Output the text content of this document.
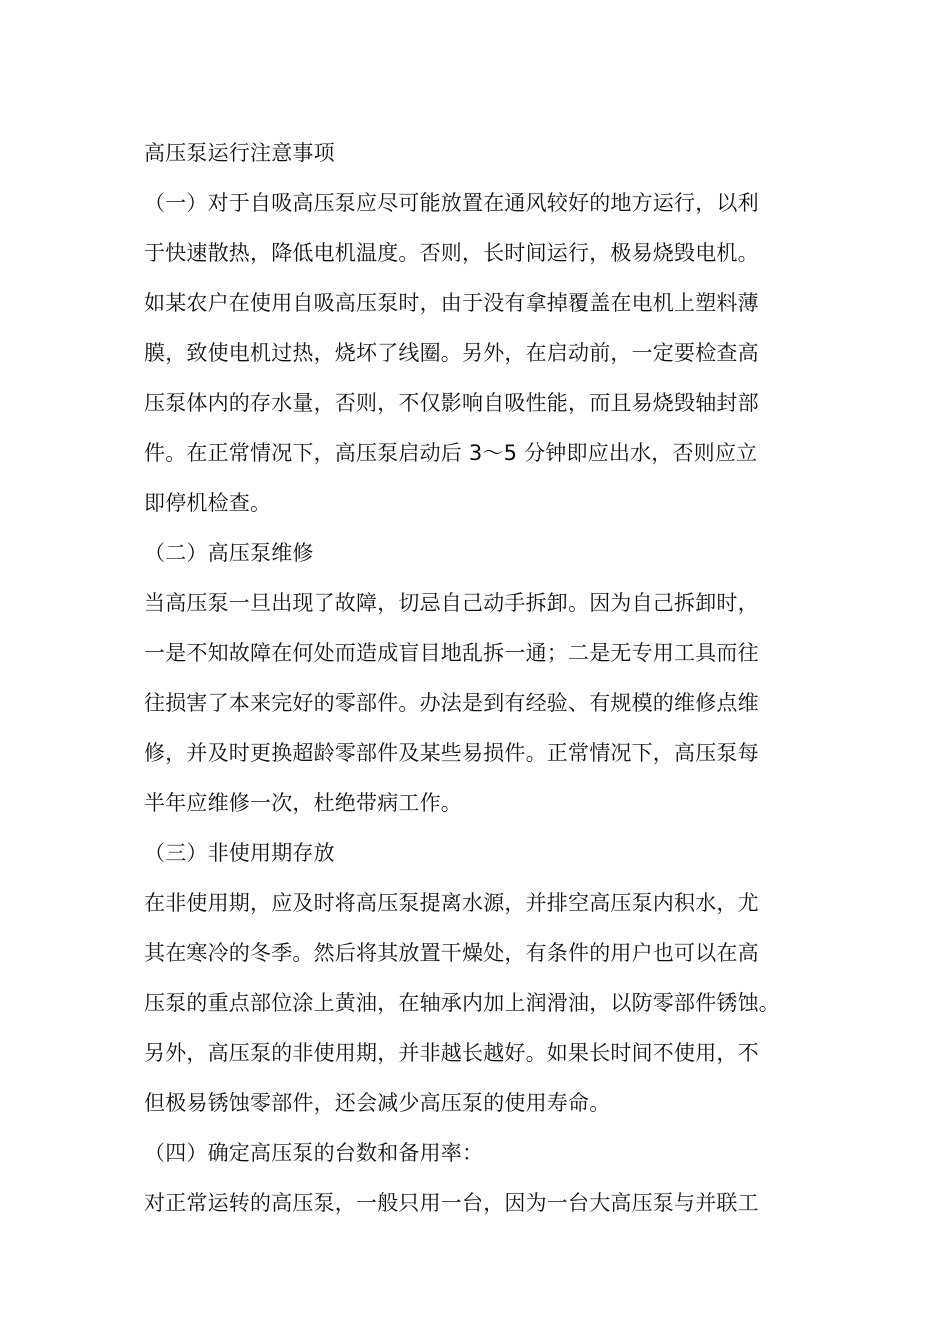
高压泵运行注意事项
（一）对于自吸高压泵应尽可能放置在通风较好的地方运行，以利
于快速散热，降低电机温度。否则，长时间运行，极易烧毁电机。
如某农户在使用自吸高压泵时，由于没有拿掉覆盖在电机上塑料薄
膜，致使电机过热，烧坏了线圈。另外，在启动前，一定要检查高
压泵体内的存水量，否则，不仅影响自吸性能，而且易烧毁轴封部
件。在正常情况下，高压泵启动后 3～5 分钟即应出水，否则应立
即停机检查。
（二）高压泵维修
当高压泵一旦出现了故障，切忌自己动手拆卸。因为自己拆卸时，
一是不知故障在何处而造成盲目地乱拆一通；二是无专用工具而往
往损害了本来完好的零部件。办法是到有经验、有规模的维修点维
修，并及时更换超龄零部件及某些易损件。正常情况下，高压泵每
半年应维修一次，杜绝带病工作。
（三）非使用期存放
在非使用期，应及时将高压泵提离水源，并排空高压泵内积水，尤
其在寒冷的冬季。然后将其放置干燥处，有条件的用户也可以在高
压泵的重点部位涂上黄油，在轴承内加上润滑油，以防零部件锈蚀。
另外，高压泵的非使用期，并非越长越好。如果长时间不使用，不
但极易锈蚀零部件，还会减少高压泵的使用寿命。
（四）确定高压泵的台数和备用率：
对正常运转的高压泵，一般只用一台，因为一台大高压泵与并联工
